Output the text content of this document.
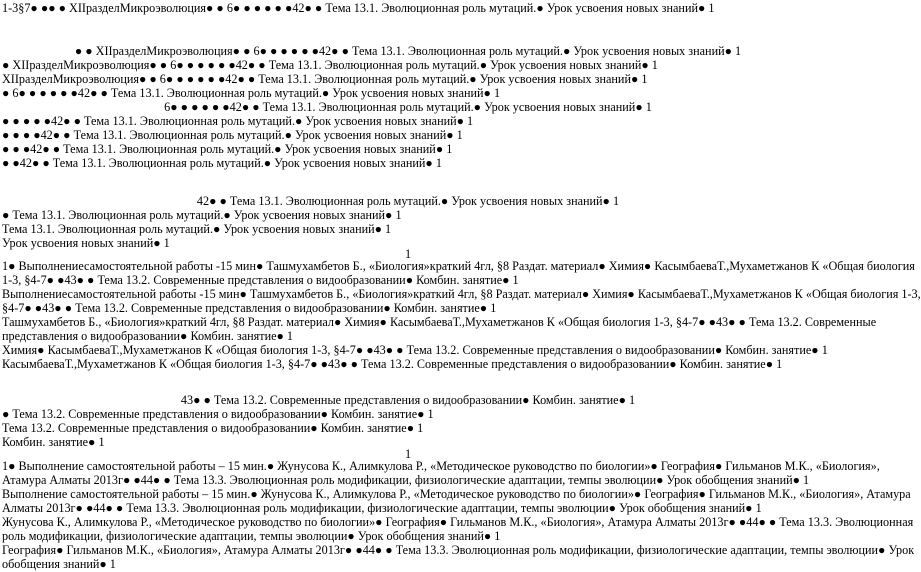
1-3§7● ●● ● XIIразделМикроэволюция● ● 6● ● ● ● ● ●42● ● Тема 13.1. Эволюционная роль мутаций.● Урок усвоения новых знаний● 1
● ● XIIразделМикроэволюция● ● 6● ● ● ● ● ●42● ● Тема 13.1. Эволюционная роль мутаций.● Урок усвоения новых знаний● 1
● XIIразделМикроэволюция● ● 6● ● ● ● ● ●42● ● Тема 13.1. Эволюционная роль мутаций.● Урок усвоения новых знаний● 1
XIIразделМикроэволюция● ● 6● ● ● ● ● ●42● ● Тема 13.1. Эволюционная роль мутаций.● Урок усвоения новых знаний● 1
● 6● ● ● ● ● ●42● ● Тема 13.1. Эволюционная роль мутаций.● Урок усвоения новых знаний● 1
6● ● ● ● ● ●42● ● Тема 13.1. Эволюционная роль мутаций.● Урок усвоения новых знаний● 1
● ● ● ● ●42● ● Тема 13.1. Эволюционная роль мутаций.● Урок усвоения новых знаний● 1
● ● ● ●42● ● Тема 13.1. Эволюционная роль мутаций.● Урок усвоения новых знаний● 1
● ● ●42● ● Тема 13.1. Эволюционная роль мутаций.● Урок усвоения новых знаний● 1
● ●42● ● Тема 13.1. Эволюционная роль мутаций.● Урок усвоения новых знаний● 1
42● ● Тема 13.1. Эволюционная роль мутаций.● Урок усвоения новых знаний● 1
● Тема 13.1. Эволюционная роль мутаций.● Урок усвоения новых знаний● 1
Тема 13.1. Эволюционная роль мутаций.● Урок усвоения новых знаний● 1
Урок усвоения новых знаний● 1
1
1● Выполнениесамостоятельной работы -15 мин● Ташмухамбетов Б., «Биология»краткий 4гл, §8 Раздат. материал● Химия● КасымбаеваТ.,Мухаметжанов К «Общая биология
1-3, §4-7● ●43● ● Тема 13.2. Современные представления о видообразовании● Комбин. занятие● 1
Выполнениесамостоятельной работы -15 мин● Ташмухамбетов Б., «Биология»краткий 4гл, §8 Раздат. материал● Химия● КасымбаеваТ.,Мухаметжанов К «Общая биология 1-3,
§4-7● ●43● ● Тема 13.2. Современные представления о видообразовании● Комбин. занятие● 1
Ташмухамбетов Б., «Биология»краткий 4гл, §8 Раздат. материал● Химия● КасымбаеваТ.,Мухаметжанов К «Общая биология 1-3, §4-7● ●43● ● Тема 13.2. Современные
представления о видообразовании● Комбин. занятие● 1
Химия● КасымбаеваТ.,Мухаметжанов К «Общая биология 1-3, §4-7● ●43● ● Тема 13.2. Современные представления о видообразовании● Комбин. занятие● 1
КасымбаеваТ.,Мухаметжанов К «Общая биология 1-3, §4-7● ●43● ● Тема 13.2. Современные представления о видообразовании● Комбин. занятие● 1
43● ● Тема 13.2. Современные представления о видообразовании● Комбин. занятие● 1
● Тема 13.2. Современные представления о видообразовании● Комбин. занятие● 1
Тема 13.2. Современные представления о видообразовании● Комбин. занятие● 1
Комбин. занятие● 1
1
1● Выполнение самостоятельной работы – 15 мин.● Жунусова К., Алимкулова Р., «Методическое руководство по биологии»● География● Гильманов М.К., «Биология»,
Атамура Алматы 2013г● ●44● ● Тема 13.3. Эволюционная роль модификации, физиологические адаптации, темпы эволюции● Урок обобщения знаний● 1
Выполнение самостоятельной работы – 15 мин.● Жунусова К., Алимкулова Р., «Методическое руководство по биологии»● География● Гильманов М.К., «Биология», Атамура
Алматы 2013г● ●44● ● Тема 13.3. Эволюционная роль модификации, физиологические адаптации, темпы эволюции● Урок обобщения знаний● 1
Жунусова К., Алимкулова Р., «Методическое руководство по биологии»● География● Гильманов М.К., «Биология», Атамура Алматы 2013г● ●44● ● Тема 13.3. Эволюционная
роль модификации, физиологические адаптации, темпы эволюции● Урок обобщения знаний● 1
География● Гильманов М.К., «Биология», Атамура Алматы 2013г● ●44● ● Тема 13.3. Эволюционная роль модификации, физиологические адаптации, темпы эволюции● Урок
обобщения знаний● 1
